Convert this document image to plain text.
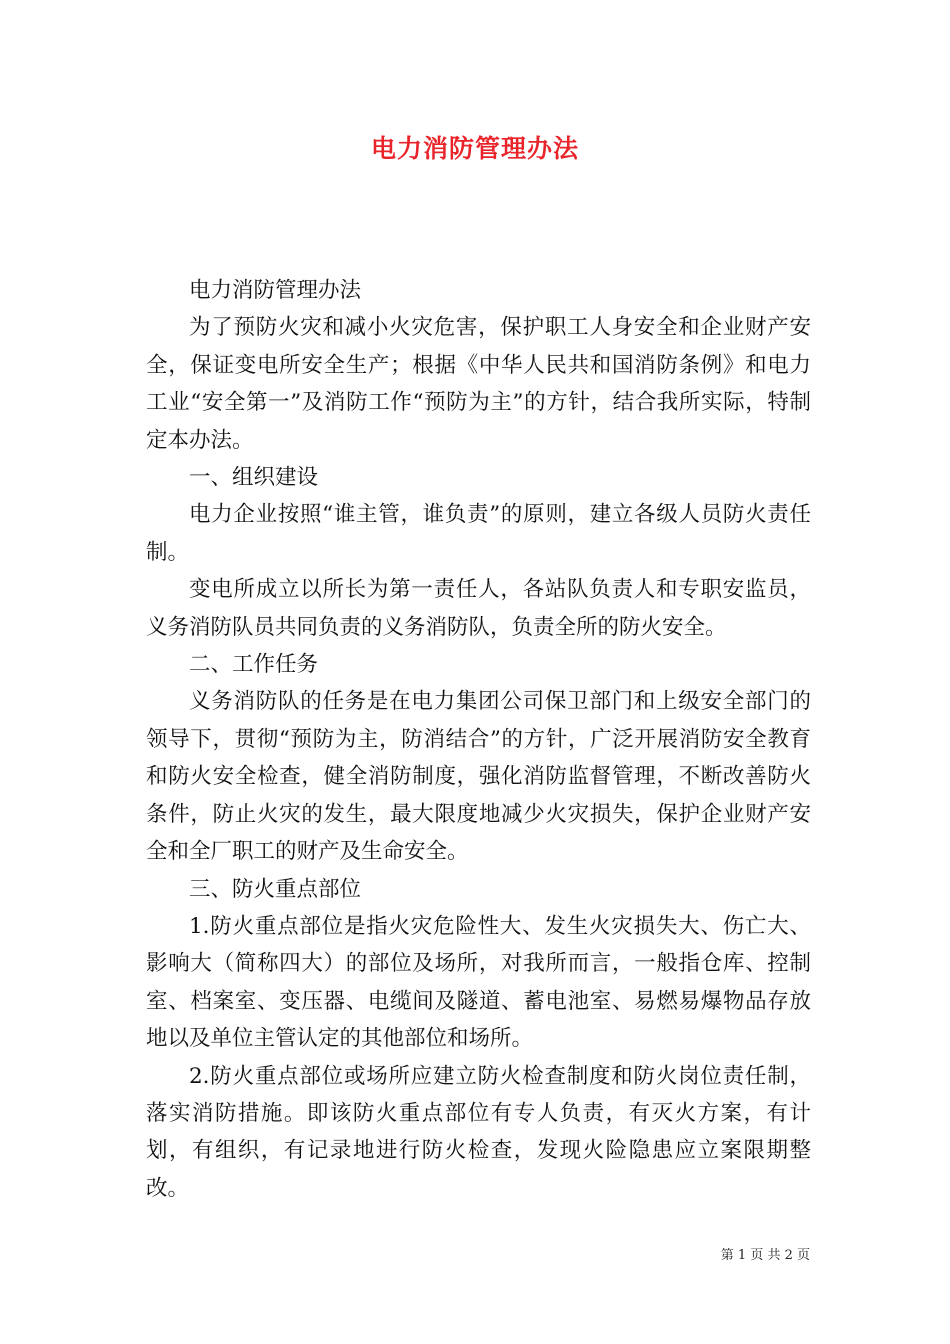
电力消防管理办法

电力消防管理办法

为了预防火灾和减小火灾危害，保护职工人身安全和企业财产安全，保证变电所安全生产；根据《中华人民共和国消防条例》和电力工业“安全第一”及消防工作“预防为主”的方针，结合我所实际，特制定本办法。

一、组织建设

电力企业按照“谁主管，谁负责”的原则，建立各级人员防火责任制。

变电所成立以所长为第一责任人，各站队负责人和专职安监员，义务消防队员共同负责的义务消防队，负责全所的防火安全。

二、工作任务

义务消防队的任务是在电力集团公司保卫部门和上级安全部门的领导下，贯彻“预防为主，防消结合”的方针，广泛开展消防安全教育和防火安全检查，健全消防制度，强化消防监督管理，不断改善防火条件，防止火灾的发生，最大限度地减少火灾损失，保护企业财产安全和全厂职工的财产及生命安全。

三、防火重点部位

1.防火重点部位是指火灾危险性大、发生火灾损失大、伤亡大、影响大（简称四大）的部位及场所，对我所而言，一般指仓库、控制室、档案室、变压器、电缆间及隧道、蓄电池室、易燃易爆物品存放地以及单位主管认定的其他部位和场所。

2.防火重点部位或场所应建立防火检查制度和防火岗位责任制，落实消防措施。即该防火重点部位有专人负责，有灭火方案，有计划，有组织，有记录地进行防火检查，发现火险隐患应立案限期整改。

第 1 页 共 2 页
